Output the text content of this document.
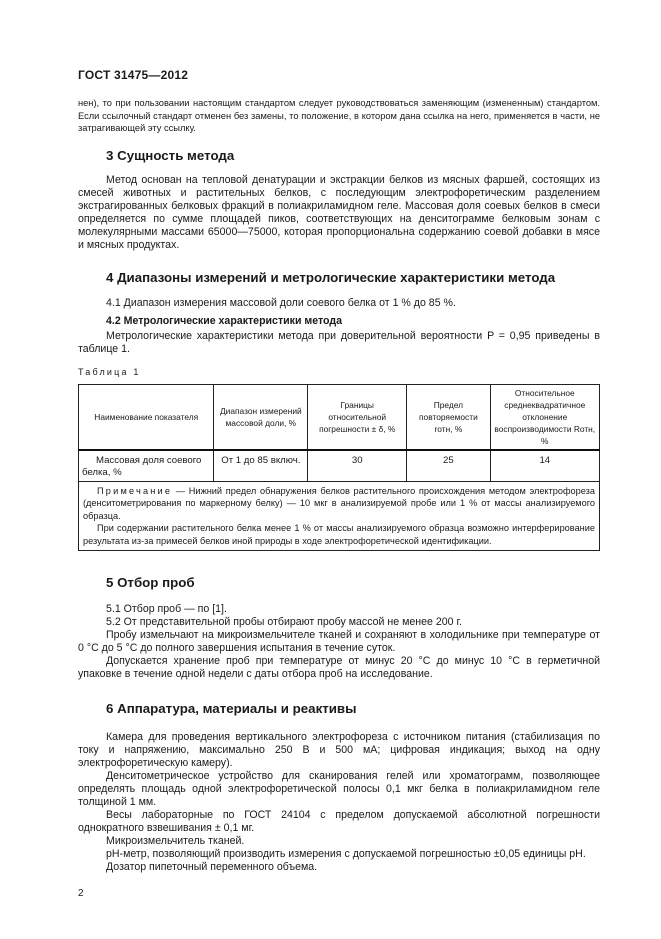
ГОСТ 31475—2012

нен), то при пользовании настоящим стандартом следует руководствоваться заменяющим (измененным) стандартом. Если ссылочный стандарт отменен без замены, то положение, в котором дана ссылка на него, применяется в части, не затрагивающей эту ссылку.

3 Сущность метода

Метод основан на тепловой денатурации и экстракции белков из мясных фаршей, состоящих из смесей животных и растительных белков, с последующим электрофоретическим разделением экстрагированных белковых фракций в полиакриламидном геле. Массовая доля соевых белков в смеси определяется по сумме площадей пиков, соответствующих на денситограмме белковым зонам с молекулярными массами 65000—75000, которая пропорциональна содержанию соевой добавки в мясе и мясных продуктах.

4 Диапазоны измерений и метрологические характеристики метода

4.1 Диапазон измерения массовой доли соевого белка от 1 % до 85 %.

4.2 Метрологические характеристики метода

Метрологические характеристики метода при доверительной вероятности P = 0,95 приведены в таблице 1.

Таблица 1
Наименование показателя	Диапазон измерений массовой доли, %	Границы относительной погрешности ± δ, %	Предел повторяемости rотн, %	Относительное среднеквадратичное отклонение воспроизводимости Rотн, %
Массовая доля соевого белка, %	От 1 до 85 включ.	30	25	14

Примечание — Нижний предел обнаружения белков растительного происхождения методом электрофореза (денситометрирования по маркерному белку) — 10 мкг в анализируемой пробе или 1 % от массы анализируемого образца.
При содержании растительного белка менее 1 % от массы анализируемого образца возможно интерферирование результата из-за примесей белков иной природы в ходе электрофоретической идентификации.				
5 Отбор проб

5.1 Отбор проб — по [1].

5.2 От представительной пробы отбирают пробу массой не менее 200 г.

Пробу измельчают на микроизмельчителе тканей и сохраняют в холодильнике при температуре от 0 °С до 5 °С до полного завершения испытания в течение суток.

Допускается хранение проб при температуре от минус 20 °С до минус 10 °С в герметичной упаковке в течение одной недели с даты отбора проб на исследование.

6 Аппаратура, материалы и реактивы

Камера для проведения вертикального электрофореза с источником питания (стабилизация по току и напряжению, максимально 250 В и 500 мА; цифровая индикация; выход на одну электрофоретическую камеру).

Денситометрическое устройство для сканирования гелей или хроматограмм, позволяющее определять площадь одной электрофоретической полосы 0,1 мкг белка в полиакриламидном геле толщиной 1 мм.

Весы лабораторные по ГОСТ 24104 с пределом допускаемой абсолютной погрешности однократного взвешивания ± 0,1 мг.

Микроизмельчитель тканей.

рН-метр, позволяющий производить измерения с допускаемой погрешностью ±0,05 единицы рН.

Дозатор пипеточный переменного объема.

2
